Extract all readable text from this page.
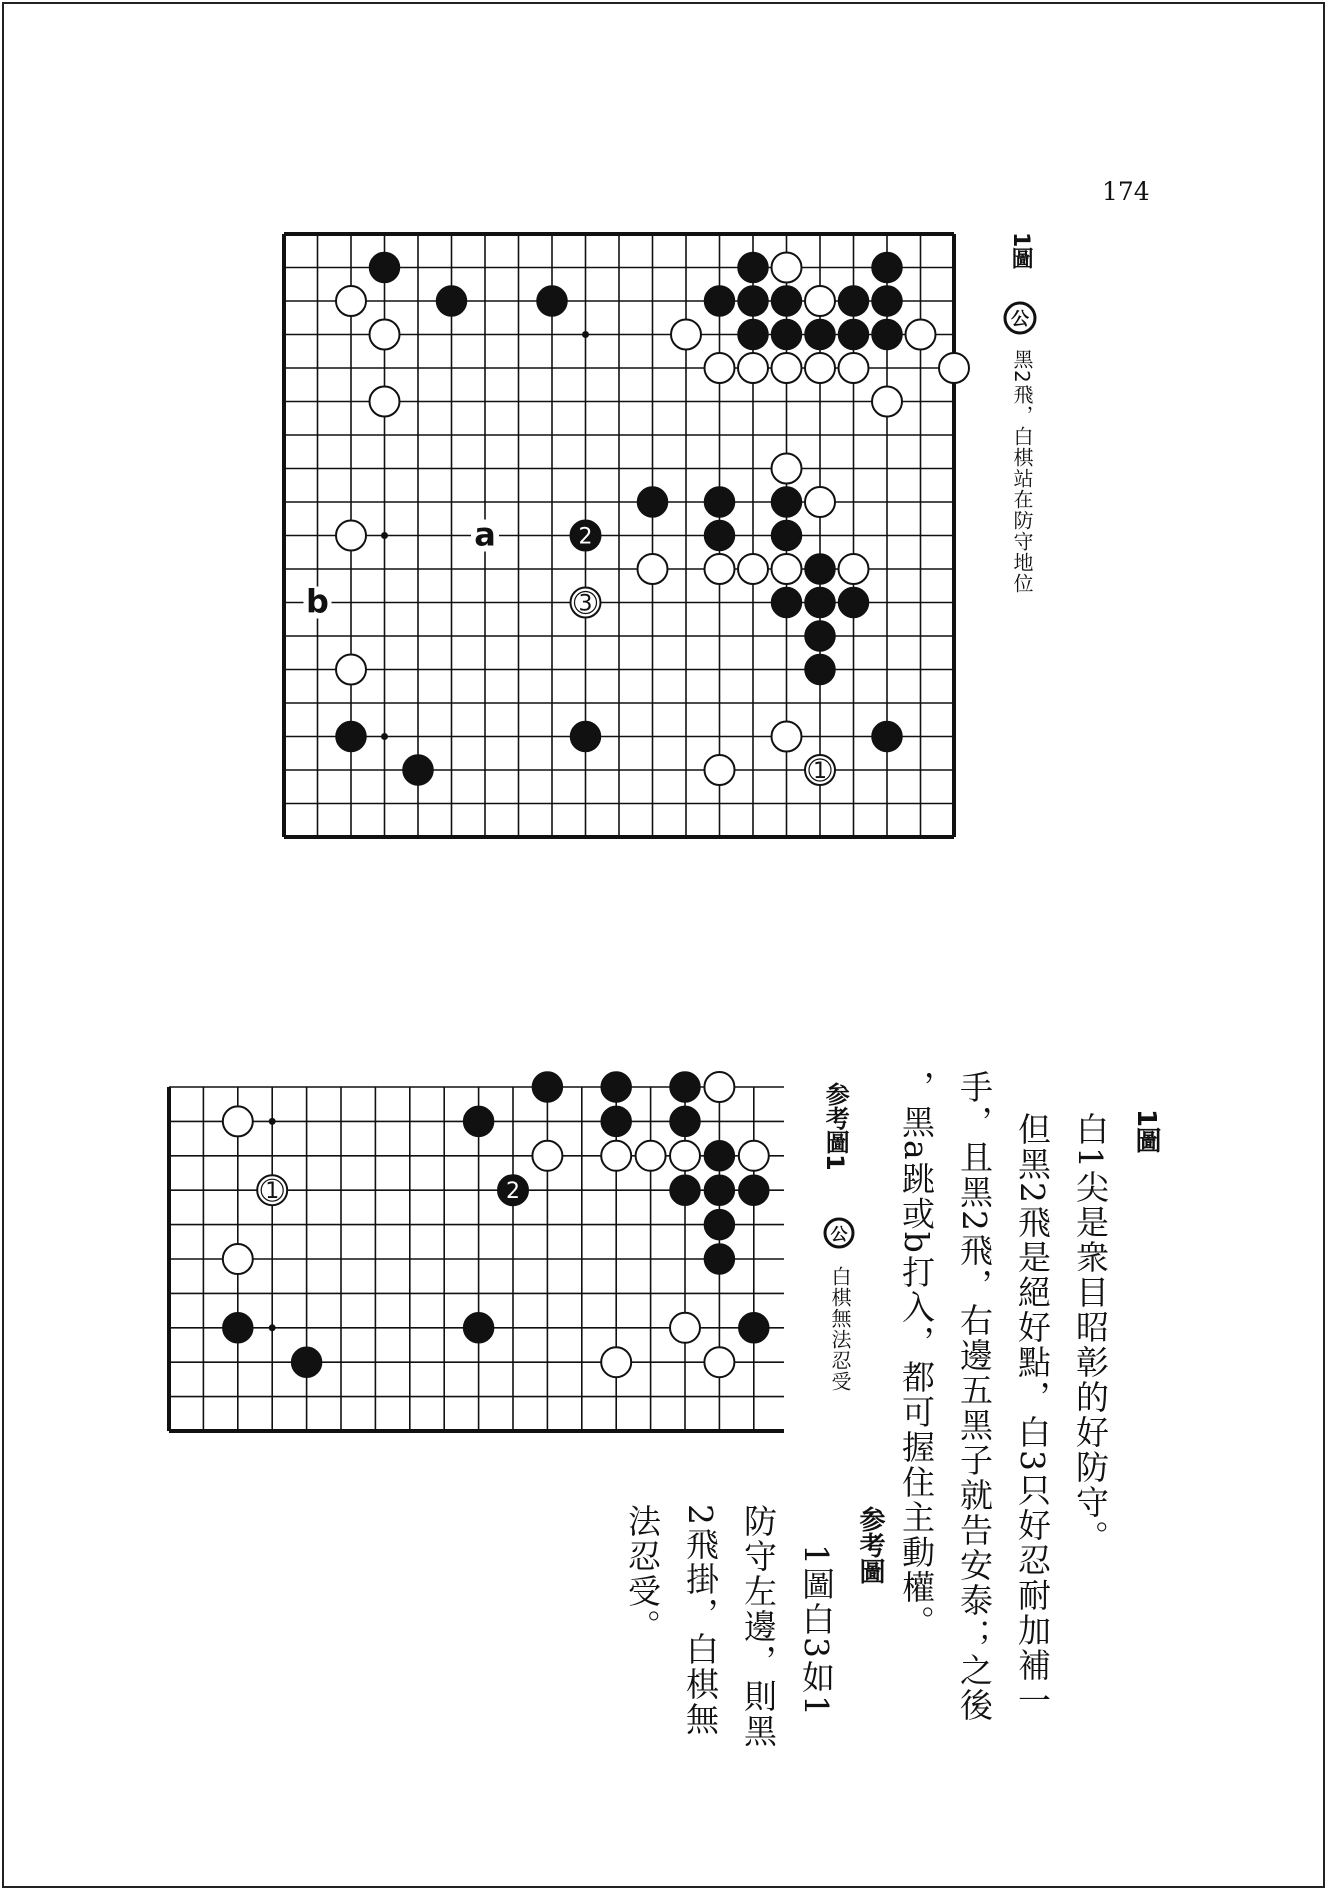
174
2
3
1
a
b
1圖
公
黑2飛，白棋站在防守地位
1	2
参考圖1
公
白棋無法忍受
1圖
白1尖是衆目昭彰的好防守。
但黑2飛是絕好點，白3只好忍耐加補一
手，且黑2飛，右邊五黑子就告安泰；之後
，黑a跳或b打入，都可握住主動權。
参考圖
1圖白3如1
防守左邊，則黑
2飛掛，白棋無
法忍受。
